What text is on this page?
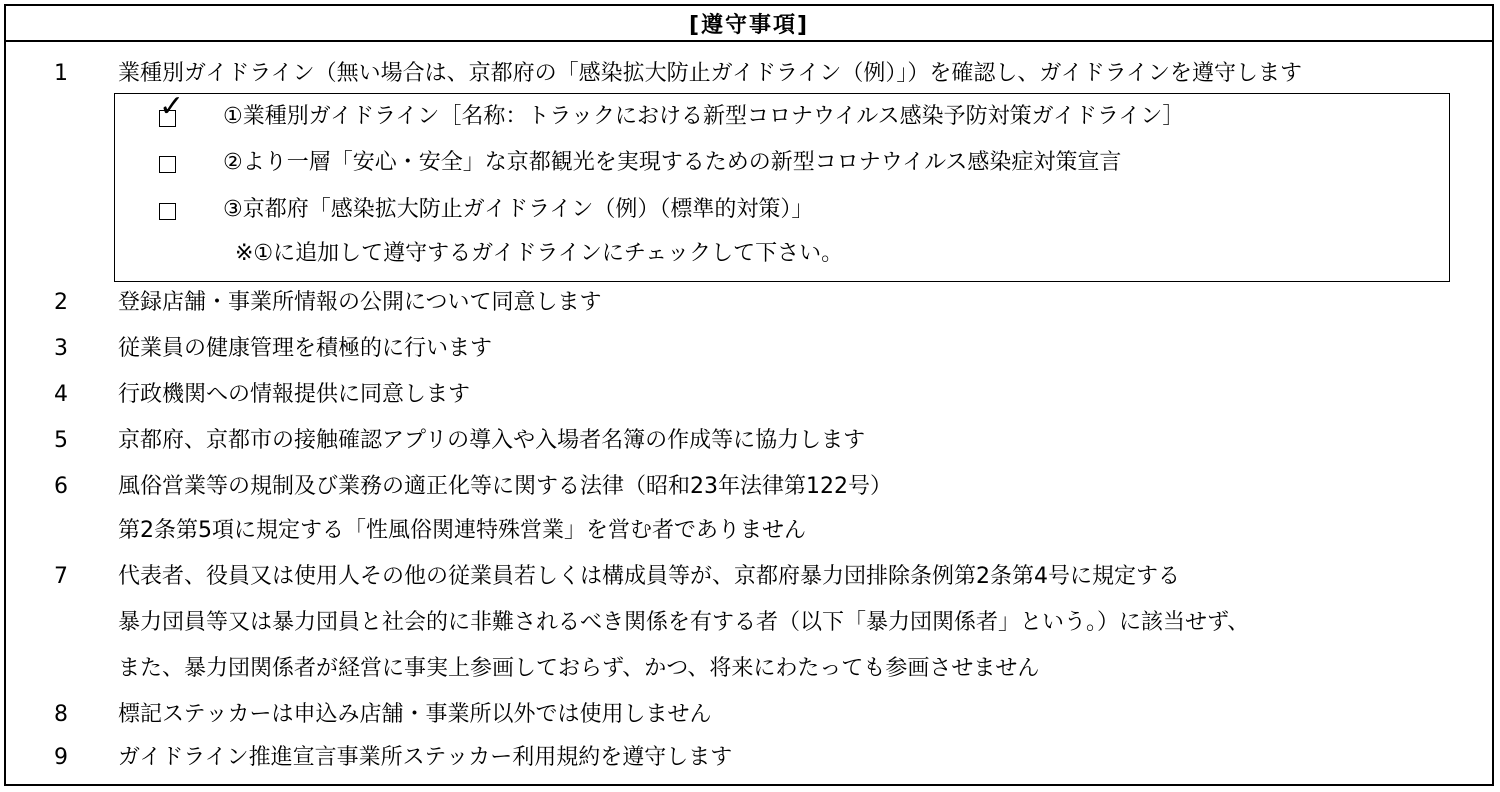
[遵守事項]
1 業種別ガイドライン（無い場合は、京都府の「感染拡大防止ガイドライン（例）」）を確認し、ガイドラインを遵守します
✓ ①業種別ガイドライン［名称：トラックにおける新型コロナウイルス感染予防対策ガイドライン］
②より一層「安心・安全」な京都観光を実現するための新型コロナウイルス感染症対策宣言
③京都府「感染拡大防止ガイドライン（例）（標準的対策）」
※①に追加して遵守するガイドラインにチェックして下さい。
2 登録店舗・事業所情報の公開について同意します
3 従業員の健康管理を積極的に行います
4 行政機関への情報提供に同意します
5 京都府、京都市の接触確認アプリの導入や入場者名簿の作成等に協力します
6 風俗営業等の規制及び業務の適正化等に関する法律（昭和23年法律第122号）
第2条第5項に規定する「性風俗関連特殊営業」を営む者でありません
7 代表者、役員又は使用人その他の従業員若しくは構成員等が、京都府暴力団排除条例第2条第4号に規定する
暴力団員等又は暴力団員と社会的に非難されるべき関係を有する者（以下「暴力団関係者」という。）に該当せず、
また、暴力団関係者が経営に事実上参画しておらず、かつ、将来にわたっても参画させません
8 標記ステッカーは申込み店舗・事業所以外では使用しません
9 ガイドライン推進宣言事業所ステッカー利用規約を遵守します
